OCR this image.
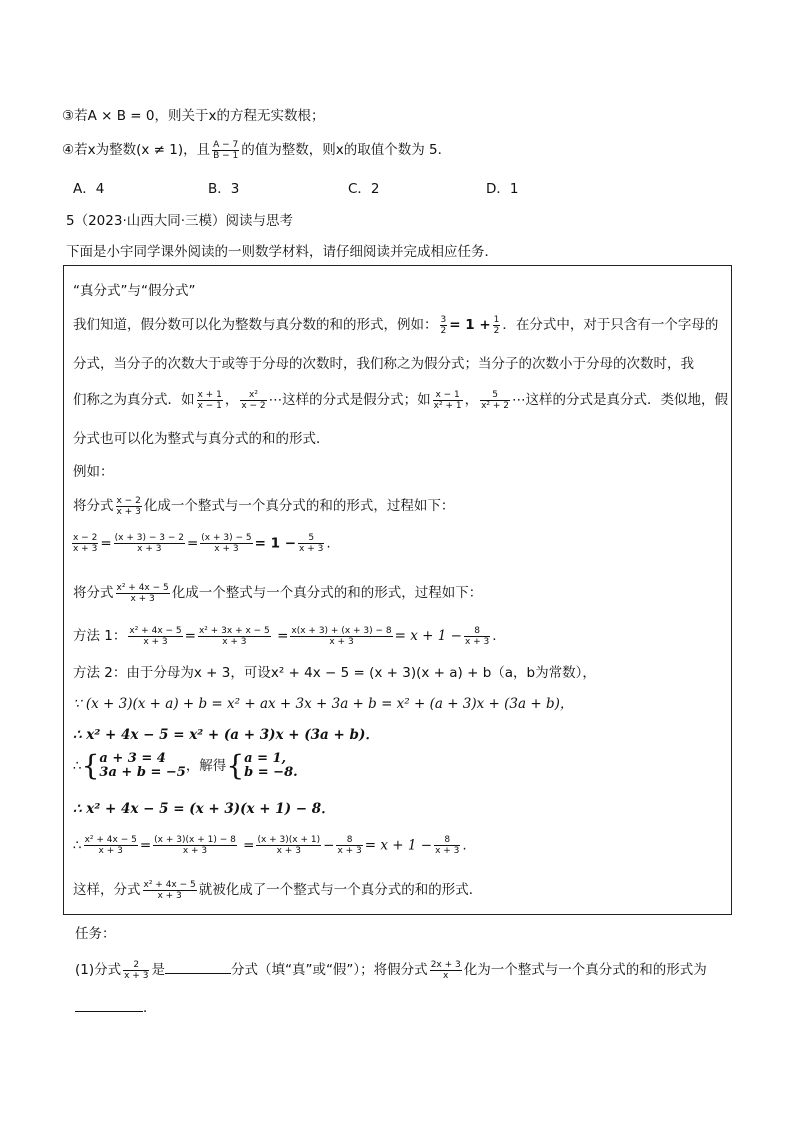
③若A × B = 0，则关于x的方程无实数根；
④若x为整数(x ≠ 1)，且 $\frac{A - 7}{B - 1}$ 的值为整数，则x的取值个数为 5．
A．4	B．3	C．2	D．1
5（2023·山西大同·三模）阅读与思考
下面是小宇同学课外阅读的一则数学材料，请仔细阅读并完成相应任务．
“真分式”与“假分式”
我们知道，假分数可以化为整数与真分数的和的形式，例如： $\frac{3}{2} = 1 + \frac{1}{2}$ ．在分式中，对于只含有一个字母的
分式，当分子的次数大于或等于分母的次数时，我们称之为假分式；当分子的次数小于分母的次数时，我
们称之为真分式．如 $\frac{x + 1}{x - 1}$ ， $\frac{\text{x²}}{x - 2}$ ⋯这样的分式是假分式；如 $\frac{x - 1}{\text{x² + 1}}$ ， $\frac{5}{\text{x² + 2}}$ ⋯这样的分式是真分式．类似地，假
分式也可以化为整式与真分式的和的形式．
例如：
将分式 $\frac{x - 2}{x + 3}$ 化成一个整式与一个真分式的和的形式，过程如下：
$\frac{x - 2}{x + 3} = \frac{(x + 3) - 3 - 2}{x + 3} = \frac{(x + 3) - 5}{x + 3} = 1 - \frac{5}{x + 3}$ .
将分式 $\frac{\text{x² + 4x − 5}}{x + 3}$ 化成一个整式与一个真分式的和的形式，过程如下：
方法 1： $\frac{\text{x² + 4x − 5}}{x + 3} = \frac{\text{x² + 3x + x − 5}}{x + 3} = \frac{x(x + 3) + (x + 3) - 8}{x + 3} = x + 1 - \frac{8}{x + 3}$ .
方法 2：由于分母为x + 3，可设x² + 4x − 5 = (x + 3)(x + a) + b（a，b为常数），
∵ (x + 3)(x + a) + b = x² + ax + 3x + 3a + b = x² + (a + 3)x + (3a + b)，
∴ x² + 4x − 5 = x² + (a + 3)x + (3a + b)．
∴{ a + 3 = 4
3a + b = −5 ，解得{ a = 1,
b = −8.
∴ x² + 4x − 5 = (x + 3)(x + 1) − 8．
∴ $\frac{\text{x² + 4x − 5}}{x + 3} = \frac{(x + 3)(x + 1) - 8}{x + 3} = \frac{(x + 3)(x + 1)}{x + 3} - \frac{8}{x + 3} = x + 1 - \frac{8}{x + 3}$ .
这样，分式 $\frac{\text{x² + 4x − 5}}{x + 3}$ 就被化成了一个整式与一个真分式的和的形式．
任务：
(1)分式 $\frac{2}{x + 3}$ 是	分式（填“真”或“假”）；将假分式 $\frac{2x + 3}{x}$ 化为一个整式与一个真分式的和的形式为
．
